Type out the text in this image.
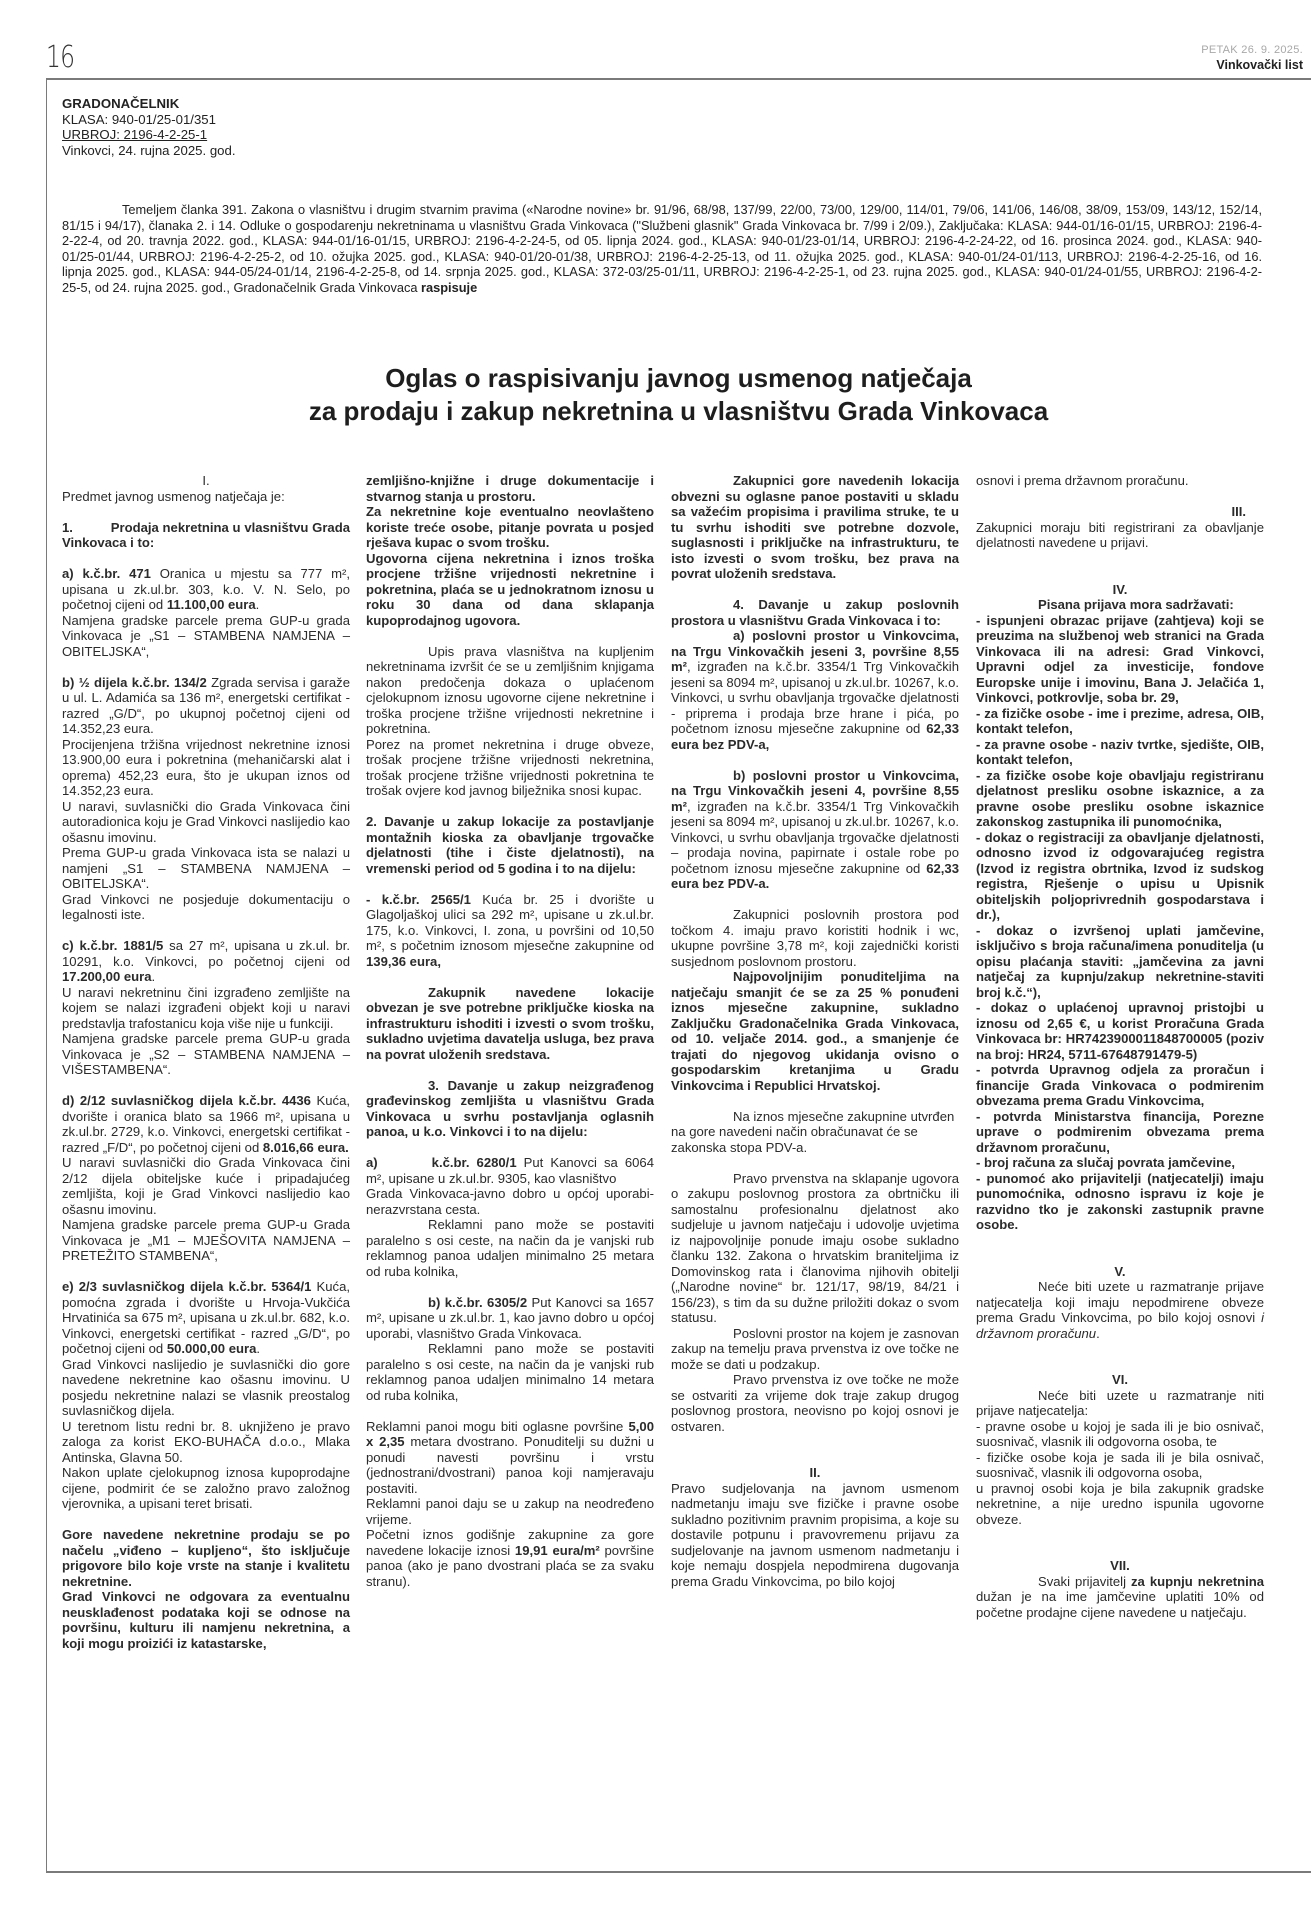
16	PETAK 26. 9. 2025.
Vinkovački list
GRADONAČELNIK
KLASA: 940-01/25-01/351
URBROJ: 2196-4-2-25-1
Vinkovci, 24. rujna 2025. god.
Temeljem članka 391. Zakona o vlasništvu i drugim stvarnim pravima («Narodne novine» br. 91/96, 68/98, 137/99, 22/00, 73/00, 129/00, 114/01, 79/06, 141/06, 146/08, 38/09, 153/09, 143/12, 152/14, 81/15 i 94/17), članaka 2. i 14. Odluke o gospodarenju nekretninama u vlasništvu Grada Vinkovaca ("Službeni glasnik" Grada Vinkovaca br. 7/99 i 2/09.), Zaključaka: KLASA: 944-01/16-01/15, URBROJ: 2196-4-2-22-4, od 20. travnja 2022. god., KLASA: 944-01/16-01/15, URBROJ: 2196-4-2-24-5, od 05. lipnja 2024. god., KLASA: 940-01/23-01/14, URBROJ: 2196-4-2-24-22, od 16. prosinca 2024. god., KLASA: 940-01/25-01/44, URBROJ: 2196-4-2-25-2, od 10. ožujka 2025. god., KLASA: 940-01/20-01/38, URBROJ: 2196-4-2-25-13, od 11. ožujka 2025. god., KLASA: 940-01/24-01/113, URBROJ: 2196-4-2-25-16, od 16. lipnja 2025. god., KLASA: 944-05/24-01/14, 2196-4-2-25-8, od 14. srpnja 2025. god., KLASA: 372-03/25-01/11, URBROJ: 2196-4-2-25-1, od 23. rujna 2025. god., KLASA: 940-01/24-01/55, URBROJ: 2196-4-2-25-5, od 24. rujna 2025. god., Gradonačelnik Grada Vinkovaca raspisuje
Oglas o raspisivanju javnog usmenog natječaja
za prodaju i zakup nekretnina u vlasništvu Grada Vinkovaca

I.

Predmet javnog usmenog natječaja je:

1.          Prodaja nekretnina u vlasništvu Grada Vinkovaca i to:

a) k.č.br. 471 Oranica u mjestu sa 777 m², upisana u zk.ul.br. 303, k.o. V. N. Selo, po početnoj cijeni od 11.100,00 eura.

Namjena gradske parcele prema GUP-u grada Vinkovaca je „S1 – STAMBENA NAMJENA – OBITELJSKA“,

b) ½ dijela k.č.br. 134/2 Zgrada servisa i garaže u ul. L. Adamića sa 136 m², energetski certifikat - razred „G/D“, po ukupnoj početnoj cijeni od 14.352,23 eura.

Procijenjena tržišna vrijednost nekretnine iznosi 13.900,00 eura i pokretnina (mehaničarski alat i oprema) 452,23 eura, što je ukupan iznos od 14.352,23 eura.

U naravi, suvlasnički dio Grada Vinkovaca čini autoradionica koju je Grad Vinkovci naslijedio kao ošasnu imovinu.

Prema GUP-u grada Vinkovaca ista se nalazi u namjeni „S1 – STAMBENA NAMJENA – OBITELJSKA“.

Grad Vinkovci ne posjeduje dokumentaciju o legalnosti iste.

c) k.č.br. 1881/5 sa 27 m², upisana u zk.ul. br. 10291, k.o. Vinkovci, po početnoj cijeni od 17.200,00 eura.

U naravi nekretninu čini izgrađeno zemljište na kojem se nalazi izgrađeni objekt koji u naravi predstavlja trafostanicu koja više nije u funkciji.

Namjena gradske parcele prema GUP-u grada Vinkovaca je „S2 – STAMBENA NAMJENA – VIŠESTAMBENA“.

d) 2/12 suvlasničkog dijela k.č.br. 4436 Kuća, dvorište i oranica blato sa 1966 m², upisana u zk.ul.br. 2729, k.o. Vinkovci, energetski certifikat - razred „F/D“, po početnoj cijeni od 8.016,66 eura.

U naravi suvlasnički dio Grada Vinkovaca čini 2/12 dijela obiteljske kuće i pripadajućeg zemljišta, koji je Grad Vinkovci naslijedio kao ošasnu imovinu.

Namjena gradske parcele prema GUP-u Grada Vinkovaca je „M1 – MJEŠOVITA NAMJENA – PRETEŽITO STAMBENA“,

e) 2/3 suvlasničkog dijela k.č.br. 5364/1 Kuća, pomoćna zgrada i dvorište u Hrvoja-Vukčića Hrvatinića sa 675 m², upisana u zk.ul.br. 682, k.o. Vinkovci, energetski certifikat - razred „G/D“, po početnoj cijeni od 50.000,00 eura.

Grad Vinkovci naslijedio je suvlasnički dio gore navedene nekretnine kao ošasnu imovinu. U posjedu nekretnine nalazi se vlasnik preostalog suvlasničkog dijela.

U teretnom listu redni br. 8. uknjiženo je pravo zaloga za korist EKO-BUHAČA d.o.o., Mlaka Antinska, Glavna 50.

Nakon uplate cjelokupnog iznosa kupoprodajne cijene, podmirit će se založno pravo založnog vjerovnika, a upisani teret brisati.

Gore navedene nekretnine prodaju se po načelu „viđeno – kupljeno“, što isključuje prigovore bilo koje vrste na stanje i kvalitetu nekretnine.

Grad Vinkovci ne odgovara za eventualnu neusklađenost podataka koji se odnose na površinu, kulturu ili namjenu nekretnina, a koji mogu proizići iz katastarske,

zemljišno-knjižne i druge dokumentacije i stvarnog stanja u prostoru.

Za nekretnine koje eventualno neovlašteno koriste treće osobe, pitanje povrata u posjed rješava kupac o svom trošku.

Ugovorna cijena nekretnina i iznos troška procjene tržišne vrijednosti nekretnine i pokretnina, plaća se u jednokratnom iznosu u roku 30 dana od dana sklapanja kupoprodajnog ugovora.

Upis prava vlasništva na kupljenim nekretninama izvršit će se u zemljišnim knjigama nakon predočenja dokaza o uplaćenom cjelokupnom iznosu ugovorne cijene nekretnine i troška procjene tržišne vrijednosti nekretnine i pokretnina.

Porez na promet nekretnina i druge obveze, trošak procjene tržišne vrijednosti nekretnina, trošak procjene tržišne vrijednosti pokretnina te trošak ovjere kod javnog bilježnika snosi kupac.

2. Davanje u zakup lokacije za postavljanje montažnih kioska za obavljanje trgovačke djelatnosti (tihe i čiste djelatnosti), na vremenski period od 5 godina i to na dijelu:

- k.č.br. 2565/1 Kuća br. 25 i dvorište u Glagoljaškoj ulici sa 292 m², upisane u zk.ul.br. 175, k.o. Vinkovci, I. zona, u površini od 10,50 m², s početnim iznosom mjesečne zakupnine od 139,36 eura,

Zakupnik navedene lokacije obvezan je sve potrebne priključke kioska na infrastrukturu ishoditi i izvesti o svom trošku, sukladno uvjetima davatelja usluga, bez prava na povrat uloženih sredstava.

3. Davanje u zakup neizgrađenog građevinskog zemljišta u vlasništvu Grada Vinkovaca u svrhu postavljanja oglasnih panoa, u k.o. Vinkovci i to na dijelu:

a)	k.č.br. 6280/1 Put Kanovci sa 6064 m², upisane u zk.ul.br. 9305, kao vlasništvo

Grada Vinkovaca-javno dobro u općoj uporabi-nerazvrstana cesta.

Reklamni pano može se postaviti paralelno s osi ceste, na način da je vanjski rub reklamnog panoa udaljen minimalno 25 metara od ruba kolnika,

b) k.č.br. 6305/2 Put Kanovci sa 1657 m², upisane u zk.ul.br. 1, kao javno dobro u općoj uporabi, vlasništvo Grada Vinkovaca.

Reklamni pano može se postaviti paralelno s osi ceste, na način da je vanjski rub reklamnog panoa udaljen minimalno 14 metara od ruba kolnika,

Reklamni panoi mogu biti oglasne površine 5,00 x 2,35 metara dvostrano. Ponuditelji su dužni u ponudi navesti površinu i vrstu (jednostrani/dvostrani) panoa koji namjeravaju postaviti.

Reklamni panoi daju se u zakup na neodređeno vrijeme.

Početni iznos godišnje zakupnine za gore navedene lokacije iznosi 19,91 eura/m² površine panoa (ako je pano dvostrani plaća se za svaku stranu).

Zakupnici gore navedenih lokacija obvezni su oglasne panoe postaviti u skladu sa važećim propisima i pravilima struke, te u tu svrhu ishoditi sve potrebne dozvole, suglasnosti i priključke na infrastrukturu, te isto izvesti o svom trošku, bez prava na povrat uloženih sredstava.

4. Davanje u zakup poslovnih prostora u vlasništvu Grada Vinkovaca i to:

a) poslovni prostor u Vinkovcima, na Trgu Vinkovačkih jeseni 3, površine 8,55 m², izgrađen na k.č.br. 3354/1 Trg Vinkovačkih jeseni sa 8094 m², upisanoj u zk.ul.br. 10267, k.o. Vinkovci, u svrhu obavljanja trgovačke djelatnosti - priprema i prodaja brze hrane i pića, po početnom iznosu mjesečne zakupnine od 62,33 eura bez PDV-a,

b) poslovni prostor u Vinkovcima, na Trgu Vinkovačkih jeseni 4, površine 8,55 m², izgrađen na k.č.br. 3354/1 Trg Vinkovačkih jeseni sa 8094 m², upisanoj u zk.ul.br. 10267, k.o. Vinkovci, u svrhu obavljanja trgovačke djelatnosti – prodaja novina, papirnate i ostale robe po početnom iznosu mjesečne zakupnine od 62,33 eura bez PDV-a.

Zakupnici poslovnih prostora pod točkom 4. imaju pravo koristiti hodnik i wc, ukupne površine 3,78 m², koji zajednički koristi susjednom poslovnom prostoru.

Najpovoljnijim ponuditeljima na natječaju smanjit će se za 25 % ponuđeni iznos mjesečne zakupnine, sukladno Zaključku Gradonačelnika Grada Vinkovaca, od 10. veljače 2014. god., a smanjenje će trajati do njegovog ukidanja ovisno o gospodarskim kretanjima u Gradu Vinkovcima i Republici Hrvatskoj.

Na iznos mjesečne zakupnine utvrđen na gore navedeni način obračunavat će se zakonska stopa PDV-a.

Pravo prvenstva na sklapanje ugovora o zakupu poslovnog prostora za obrtničku ili samostalnu profesionalnu djelatnost ako sudjeluje u javnom natječaju i udovolje uvjetima iz najpovoljnije ponude imaju osobe sukladno članku 132. Zakona o hrvatskim braniteljima iz Domovinskog rata i članovima njihovih obitelji („Narodne novine“ br. 121/17, 98/19, 84/21 i 156/23), s tim da su dužne priložiti dokaz o svom statusu.

Poslovni prostor na kojem je zasnovan zakup na temelju prava prvenstva iz ove točke ne može se dati u podzakup.

Pravo prvenstva iz ove točke ne može se ostvariti za vrijeme dok traje zakup drugog poslovnog prostora, neovisno po kojoj osnovi je ostvaren.

II.

Pravo sudjelovanja na javnom usmenom nadmetanju imaju sve fizičke i pravne osobe sukladno pozitivnim pravnim propisima, a koje su dostavile potpunu i pravovremenu prijavu za sudjelovanje na javnom usmenom nadmetanju i koje nemaju dospjela nepodmirena dugovanja prema Gradu Vinkovcima, po bilo kojoj

osnovi i prema državnom proračunu.

III.

Zakupnici moraju biti registrirani za obavljanje djelatnosti navedene u prijavi.

IV.

Pisana prijava mora sadržavati:

- ispunjeni obrazac prijave (zahtjeva) koji se preuzima na službenoj web stranici na Grada Vinkovaca ili na adresi: Grad Vinkovci, Upravni odjel za investicije, fondove Europske unije i imovinu, Bana J. Jelačića 1, Vinkovci, potkrovlje, soba br. 29,

- za fizičke osobe - ime i prezime, adresa, OIB, kontakt telefon,

- za pravne osobe - naziv tvrtke, sjedište, OIB, kontakt telefon,

- za fizičke osobe koje obavljaju registriranu djelatnost presliku osobne iskaznice, a za pravne osobe presliku osobne iskaznice zakonskog zastupnika ili punomoćnika,

- dokaz o registraciji za obavljanje djelatnosti, odnosno izvod iz odgovarajućeg registra (Izvod iz registra obrtnika, Izvod iz sudskog registra, Rješenje o upisu u Upisnik obiteljskih poljoprivrednih gospodarstava i dr.),

- dokaz o izvršenoj uplati jamčevine, isključivo s broja računa/imena ponuditelja (u opisu plaćanja staviti: „jamčevina za javni natječaj za kupnju/zakup nekretnine-staviti broj k.č.“),

- dokaz o uplaćenoj upravnoj pristojbi u iznosu od 2,65 €, u korist Proračuna Grada Vinkovaca br: HR7423900011848700005 (poziv na broj: HR24, 5711-67648791479-5)

- potvrda Upravnog odjela za proračun i financije Grada Vinkovaca o podmirenim obvezama prema Gradu Vinkovcima,

- potvrda Ministarstva financija, Porezne uprave o podmirenim obvezama prema državnom proračunu,

- broj računa za slučaj povrata jamčevine,

- punomoć ako prijavitelji (natjecatelji) imaju punomoćnika, odnosno ispravu iz koje je razvidno tko je zakonski zastupnik pravne osobe.

V.

Neće biti uzete u razmatranje prijave natjecatelja koji imaju nepodmirene obveze prema Gradu Vinkovcima, po bilo kojoj osnovi i državnom proračunu.

VI.

Neće biti uzete u razmatranje niti prijave natjecatelja:

- pravne osobe u kojoj je sada ili je bio osnivač, suosnivač, vlasnik ili odgovorna osoba, te

- fizičke osobe koja je sada ili je bila osnivač, suosnivač, vlasnik ili odgovorna osoba,

u pravnoj osobi koja je bila zakupnik gradske nekretnine, a nije uredno ispunila ugovorne obveze.

VII.

Svaki prijavitelj za kupnju nekretnina dužan je na ime jamčevine uplatiti 10% od početne prodajne cijene navedene u natječaju.
